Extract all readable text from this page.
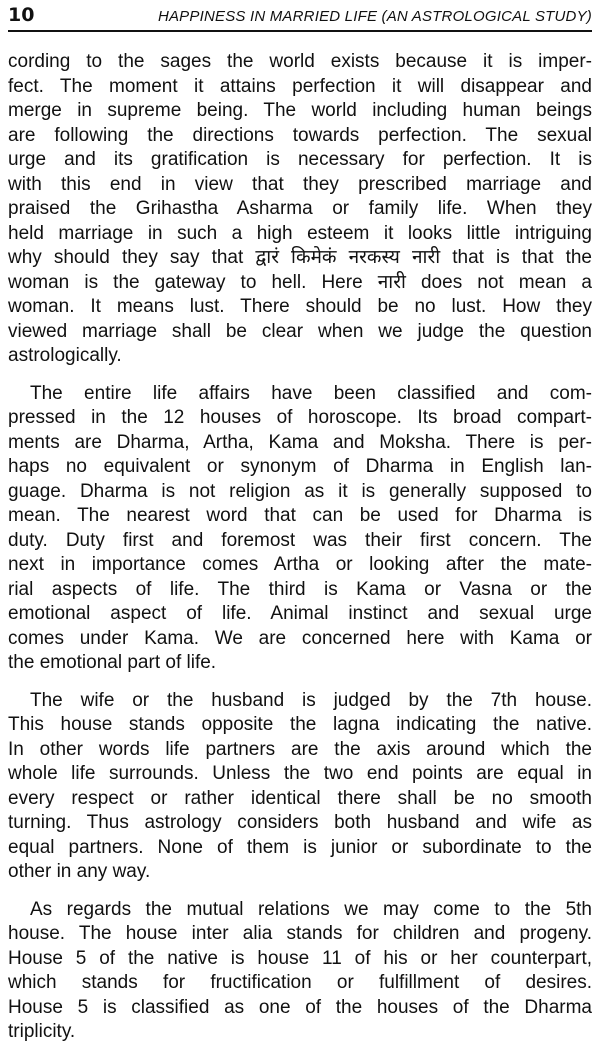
10	HAPPINESS IN MARRIED LIFE (AN ASTROLOGICAL STUDY)
cording to the sages the world exists because it is imper-
fect. The moment it attains perfection it will disappear and
merge in supreme being. The world including human beings
are following the directions towards perfection. The sexual
urge and its gratification is necessary for perfection. It is
with this end in view that they prescribed marriage and
praised the Grihastha Asharma or family life. When they
held marriage in such a high esteem it looks little intriguing
why should they say that द्वारं किमेकं नरकस्य नारी that is that the
woman is the gateway to hell. Here नारी does not mean a
woman. It means lust. There should be no lust. How they
viewed marriage shall be clear when we judge the question
astrologically.
The entire life affairs have been classified and com-
pressed in the 12 houses of horoscope. Its broad compart-
ments are Dharma, Artha, Kama and Moksha. There is per-
haps no equivalent or synonym of Dharma in English lan-
guage. Dharma is not religion as it is generally supposed to
mean. The nearest word that can be used for Dharma is
duty. Duty first and foremost was their first concern. The
next in importance comes Artha or looking after the mate-
rial aspects of life. The third is Kama or Vasna or the
emotional aspect of life. Animal instinct and sexual urge
comes under Kama. We are concerned here with Kama or
the emotional part of life.
The wife or the husband is judged by the 7th house.
This house stands opposite the lagna indicating the native.
In other words life partners are the axis around which the
whole life surrounds. Unless the two end points are equal in
every respect or rather identical there shall be no smooth
turning. Thus astrology considers both husband and wife as
equal partners. None of them is junior or subordinate to the
other in any way.
As regards the mutual relations we may come to the 5th
house. The house inter alia stands for children and progeny.
House 5 of the native is house 11 of his or her counterpart,
which stands for fructification or fulfillment of desires.
House 5 is classified as one of the houses of the Dharma
triplicity.
